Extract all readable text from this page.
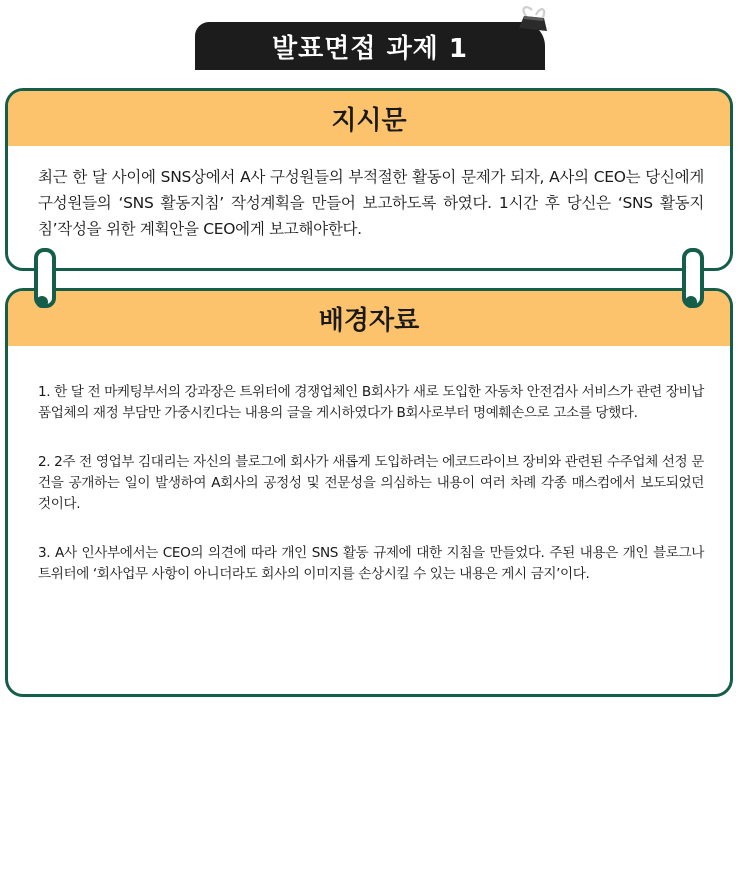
발표면접 과제 1
지시문

최근 한 달 사이에 SNS상에서 A사 구성원들의 부적절한 활동이 문제가 되자, A사의 CEO는 당신에게 구성원들의 ‘SNS 활동지침’ 작성계획을 만들어 보고하도록 하였다. 1시간 후 당신은 ‘SNS 활동지침’작성을 위한 계획안을 CEO에게 보고해야한다.

배경자료

1. 한 달 전 마케팅부서의 강과장은 트위터에 경쟁업체인 B회사가 새로 도입한 자동차 안전검사 서비스가 관련 장비납품업체의 재정 부담만 가중시킨다는 내용의 글을 게시하였다가 B회사로부터 명예훼손으로 고소를 당했다.

2. 2주 전 영업부 김대리는 자신의 블로그에 회사가 새롭게 도입하려는 에코드라이브 장비와 관련된 수주업체 선정 문건을 공개하는 일이 발생하여 A회사의 공정성 및 전문성을 의심하는 내용이 여러 차례 각종 매스컴에서 보도되었던 것이다.

3. A사 인사부에서는 CEO의 의견에 따라 개인 SNS 활동 규제에 대한 지침을 만들었다. 주된 내용은 개인 블로그나 트위터에 ‘회사업무 사항이 아니더라도 회사의 이미지를 손상시킬 수 있는 내용은 게시 금지’이다.
